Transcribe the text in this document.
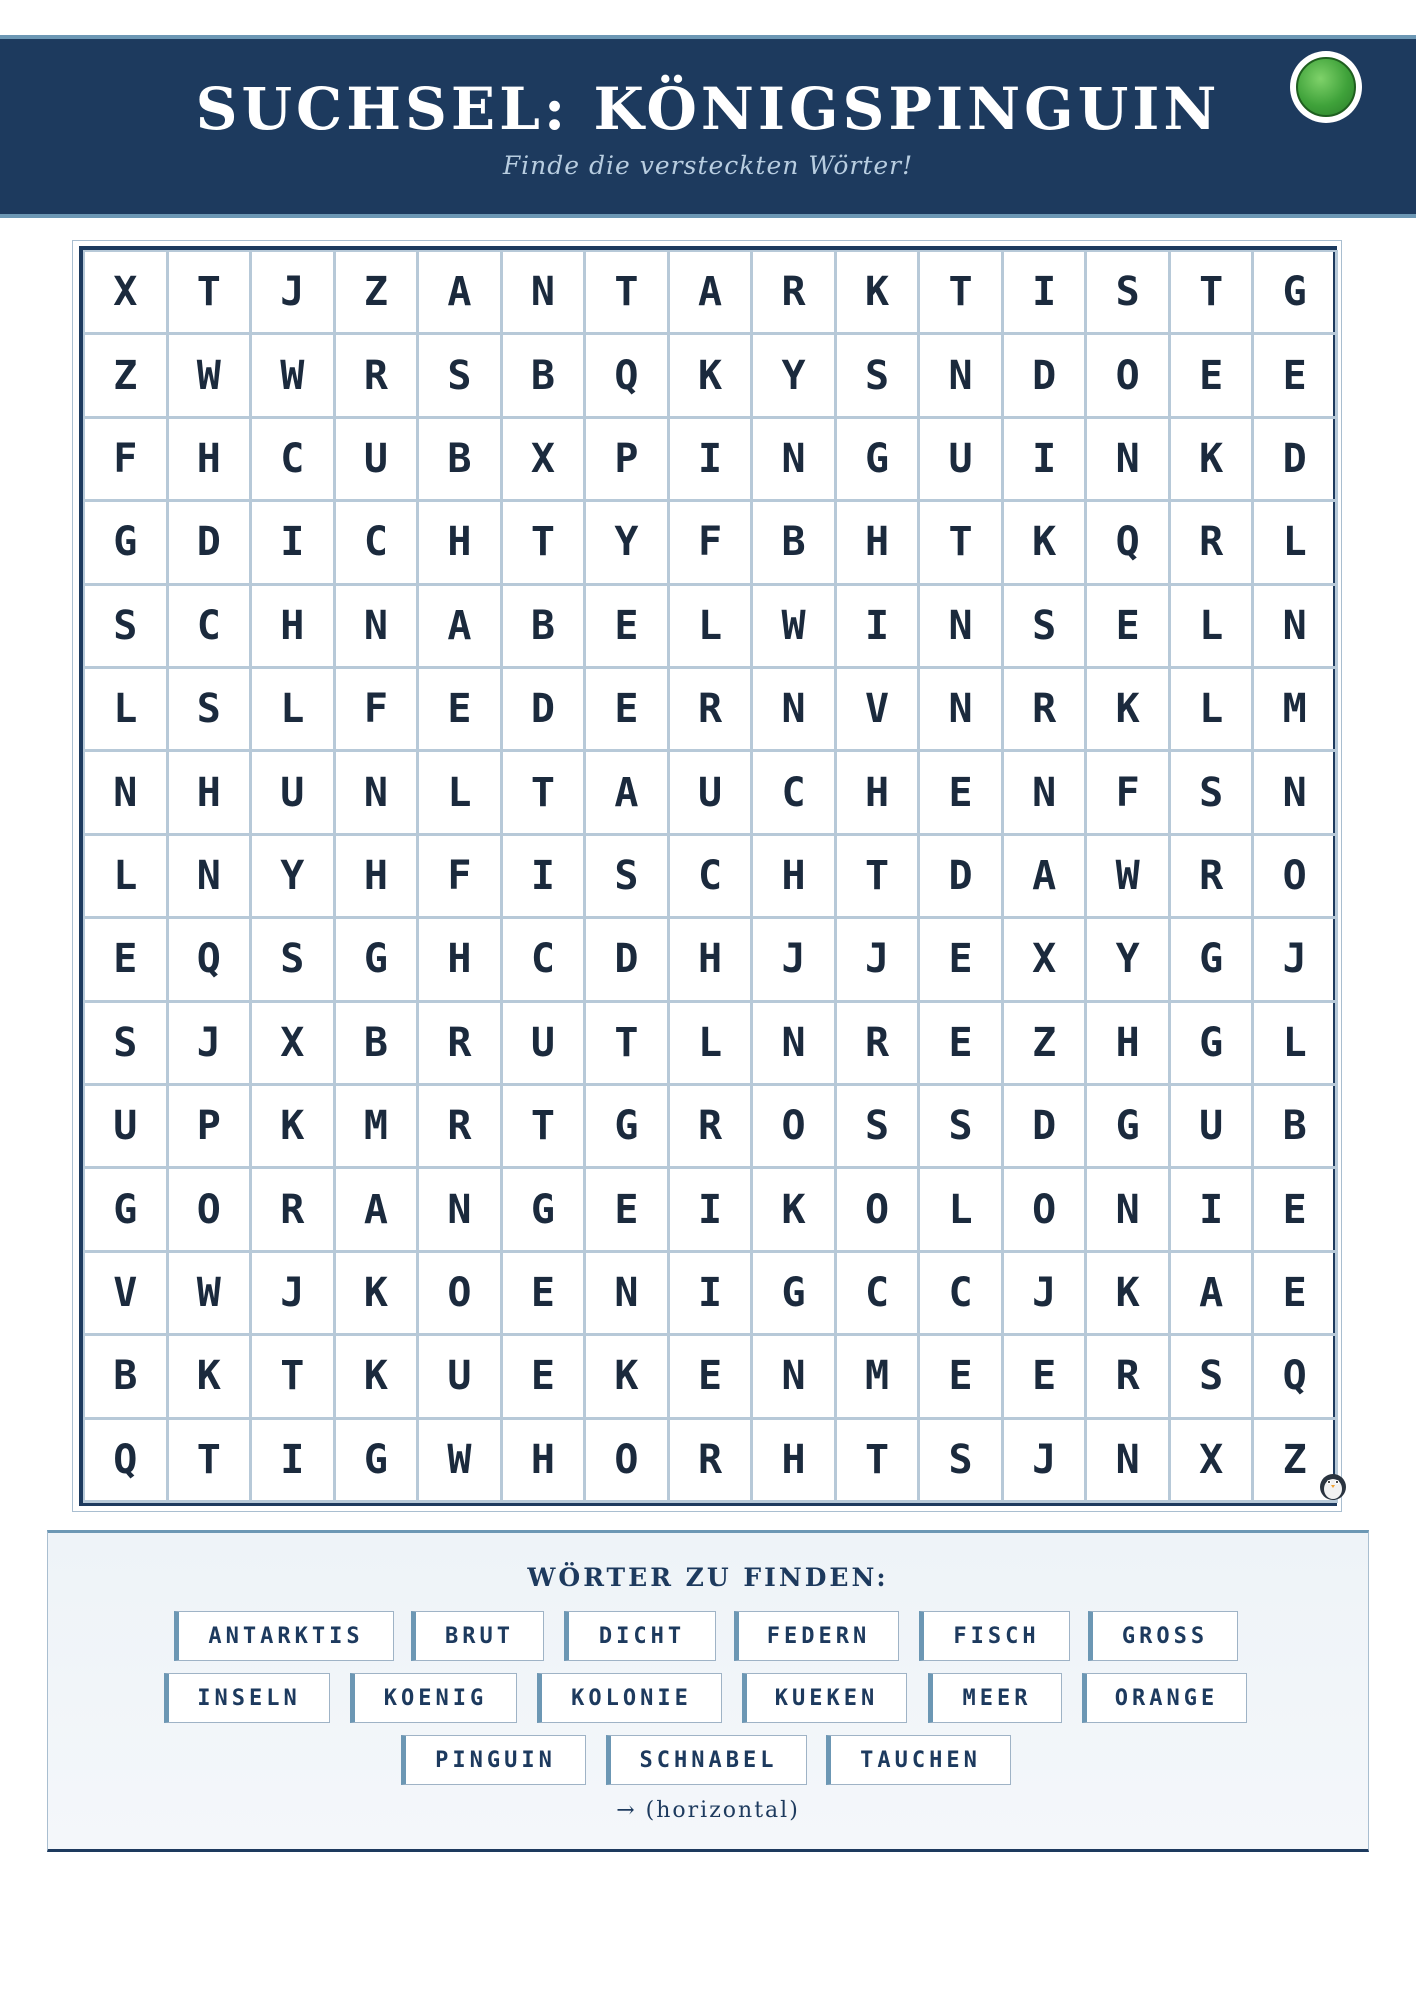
SUCHSEL: KÖNIGSPINGUIN
Finde die versteckten Wörter!
X	T	J	Z	A	N	T	A	R	K	T	I	S	T	G
Z	W	W	R	S	B	Q	K	Y	S	N	D	O	E	E
F	H	C	U	B	X	P	I	N	G	U	I	N	K	D
G	D	I	C	H	T	Y	F	B	H	T	K	Q	R	L
S	C	H	N	A	B	E	L	W	I	N	S	E	L	N
L	S	L	F	E	D	E	R	N	V	N	R	K	L	M
N	H	U	N	L	T	A	U	C	H	E	N	F	S	N
L	N	Y	H	F	I	S	C	H	T	D	A	W	R	O
E	Q	S	G	H	C	D	H	J	J	E	X	Y	G	J
S	J	X	B	R	U	T	L	N	R	E	Z	H	G	L
U	P	K	M	R	T	G	R	O	S	S	D	G	U	B
G	O	R	A	N	G	E	I	K	O	L	O	N	I	E
V	W	J	K	O	E	N	I	G	C	C	J	K	A	E
B	K	T	K	U	E	K	E	N	M	E	E	R	S	Q
Q	T	I	G	W	H	O	R	H	T	S	J	N	X	Z
WÖRTER ZU FINDEN:
ANTARKTIS	BRUT	DICHT	FEDERN	FISCH	GROSS
INSELN	KOENIG	KOLONIE	KUEKEN	MEER	ORANGE
PINGUIN	SCHNABEL	TAUCHEN
→ (horizontal)
